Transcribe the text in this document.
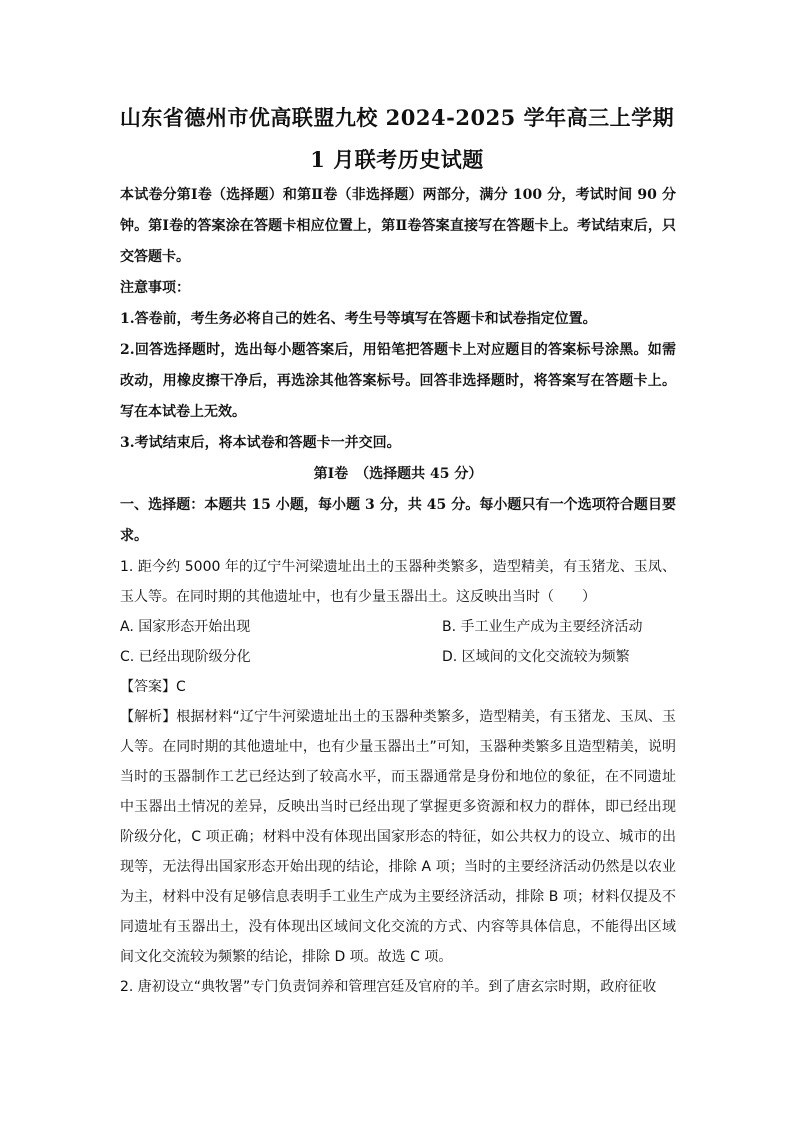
山东省德州市优高联盟九校 2024-2025 学年高三上学期
1 月联考历史试题

本试卷分第Ⅰ卷（选择题）和第Ⅱ卷（非选择题）两部分，满分 100 分，考试时间 90 分钟。第Ⅰ卷的答案涂在答题卡相应位置上，第Ⅱ卷答案直接写在答题卡上。考试结束后，只交答题卡。

注意事项：

1.答卷前，考生务必将自己的姓名、考生号等填写在答题卡和试卷指定位置。

2.回答选择题时，选出每小题答案后，用铅笔把答题卡上对应题目的答案标号涂黑。如需改动，用橡皮擦干净后，再选涂其他答案标号。回答非选择题时，将答案写在答题卡上。写在本试卷上无效。

3.考试结束后，将本试卷和答题卡一并交回。

第Ⅰ卷　（选择题共 45 分）

一、选择题：本题共 15 小题，每小题 3 分，共 45 分。每小题只有一个选项符合题目要求。

1. 距今约 5000 年的辽宁牛河梁遗址出土的玉器种类繁多，造型精美，有玉猪龙、玉凤、玉人等。在同时期的其他遗址中，也有少量玉器出土。这反映出当时（　　）

A. 国家形态开始出现	B. 手工业生产成为主要经济活动
C. 已经出现阶级分化	D. 区域间的文化交流较为频繁

【答案】C

【解析】根据材料“辽宁牛河梁遗址出土的玉器种类繁多，造型精美，有玉猪龙、玉凤、玉人等。在同时期的其他遗址中，也有少量玉器出土”可知，玉器种类繁多且造型精美，说明当时的玉器制作工艺已经达到了较高水平，而玉器通常是身份和地位的象征，在不同遗址中玉器出土情况的差异，反映出当时已经出现了掌握更多资源和权力的群体，即已经出现阶级分化，C 项正确；材料中没有体现出国家形态的特征，如公共权力的设立、城市的出现等，无法得出国家形态开始出现的结论，排除 A 项；当时的主要经济活动仍然是以农业为主，材料中没有足够信息表明手工业生产成为主要经济活动，排除 B 项；材料仅提及不同遗址有玉器出土，没有体现出区域间文化交流的方式、内容等具体信息，不能得出区域间文化交流较为频繁的结论，排除 D 项。故选 C 项。

2. 唐初设立“典牧署”专门负责饲养和管理宫廷及官府的羊。到了唐玄宗时期，政府征收
